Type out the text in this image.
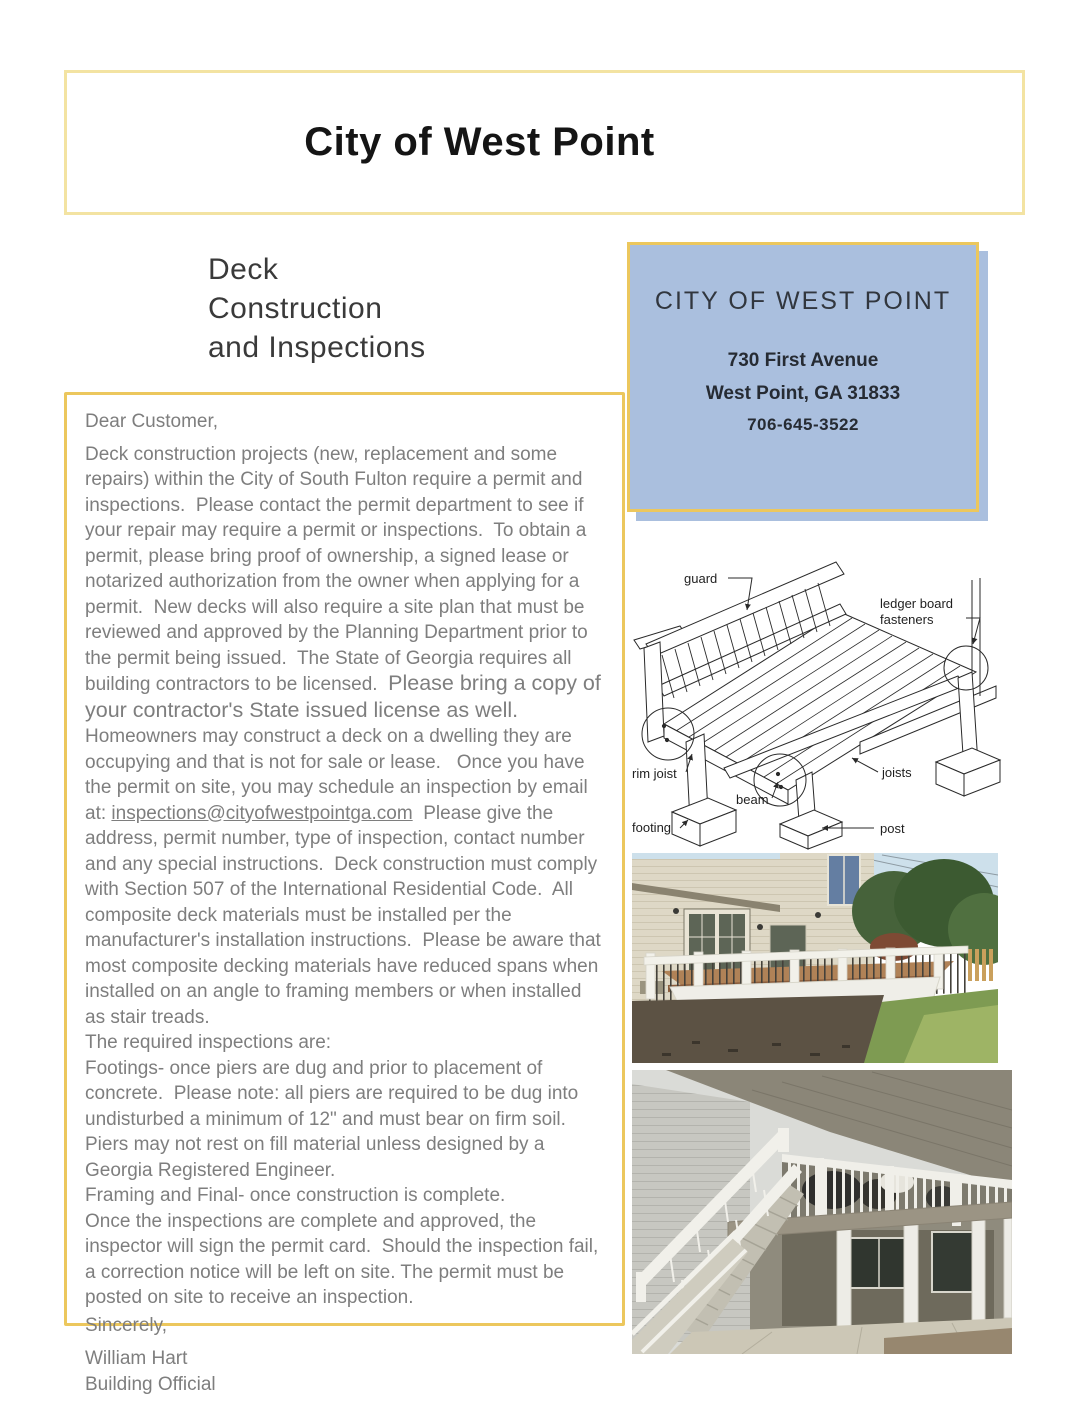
City of West Point
Deck
Construction
and Inspections
CITY OF WEST POINT
730 First Avenue
West Point, GA 31833
706-645-3522

Dear Customer,

Deck construction projects (new, replacement and some repairs) within the City of South Fulton require a permit and inspections.  Please contact the permit department to see if your repair may require a permit or inspections.  To obtain a permit, please bring proof of ownership, a signed lease or notarized authorization from the owner when applying for a permit.  New decks will also require a site plan that must be reviewed and approved by the Planning Department prior to the permit being issued.  The State of Georgia requires all building contractors to be licensed.  Please bring a copy of your contractor's State issued license as well.

Homeowners may construct a deck on a dwelling they are occupying and that is not for sale or lease.   Once you have the permit on site, you may schedule an inspection by email at: inspections@cityofwestpointga.com  Please give the address, permit number, type of inspection, contact number and any special instructions.  Deck construction must comply with Section 507 of the International Residential Code.  All composite deck materials must be installed per the manufacturer's installation instructions.  Please be aware that most composite decking materials have reduced spans when installed on an angle to framing members or when installed as stair treads.

The required inspections are:

Footings- once piers are dug and prior to placement of concrete.  Please note: all piers are required to be dug into undisturbed a minimum of 12" and must bear on firm soil.  Piers may not rest on fill material unless designed by a Georgia Registered Engineer.

Framing and Final- once construction is complete.

Once the inspections are complete and approved, the inspector will sign the permit card.  Should the inspection fail, a correction notice will be left on site. The permit must be posted on site to receive an inspection.

Sincerely,

William Hart

Building Official

guard
ledger board
fasteners
rim joist
beam
footing
joists
post
